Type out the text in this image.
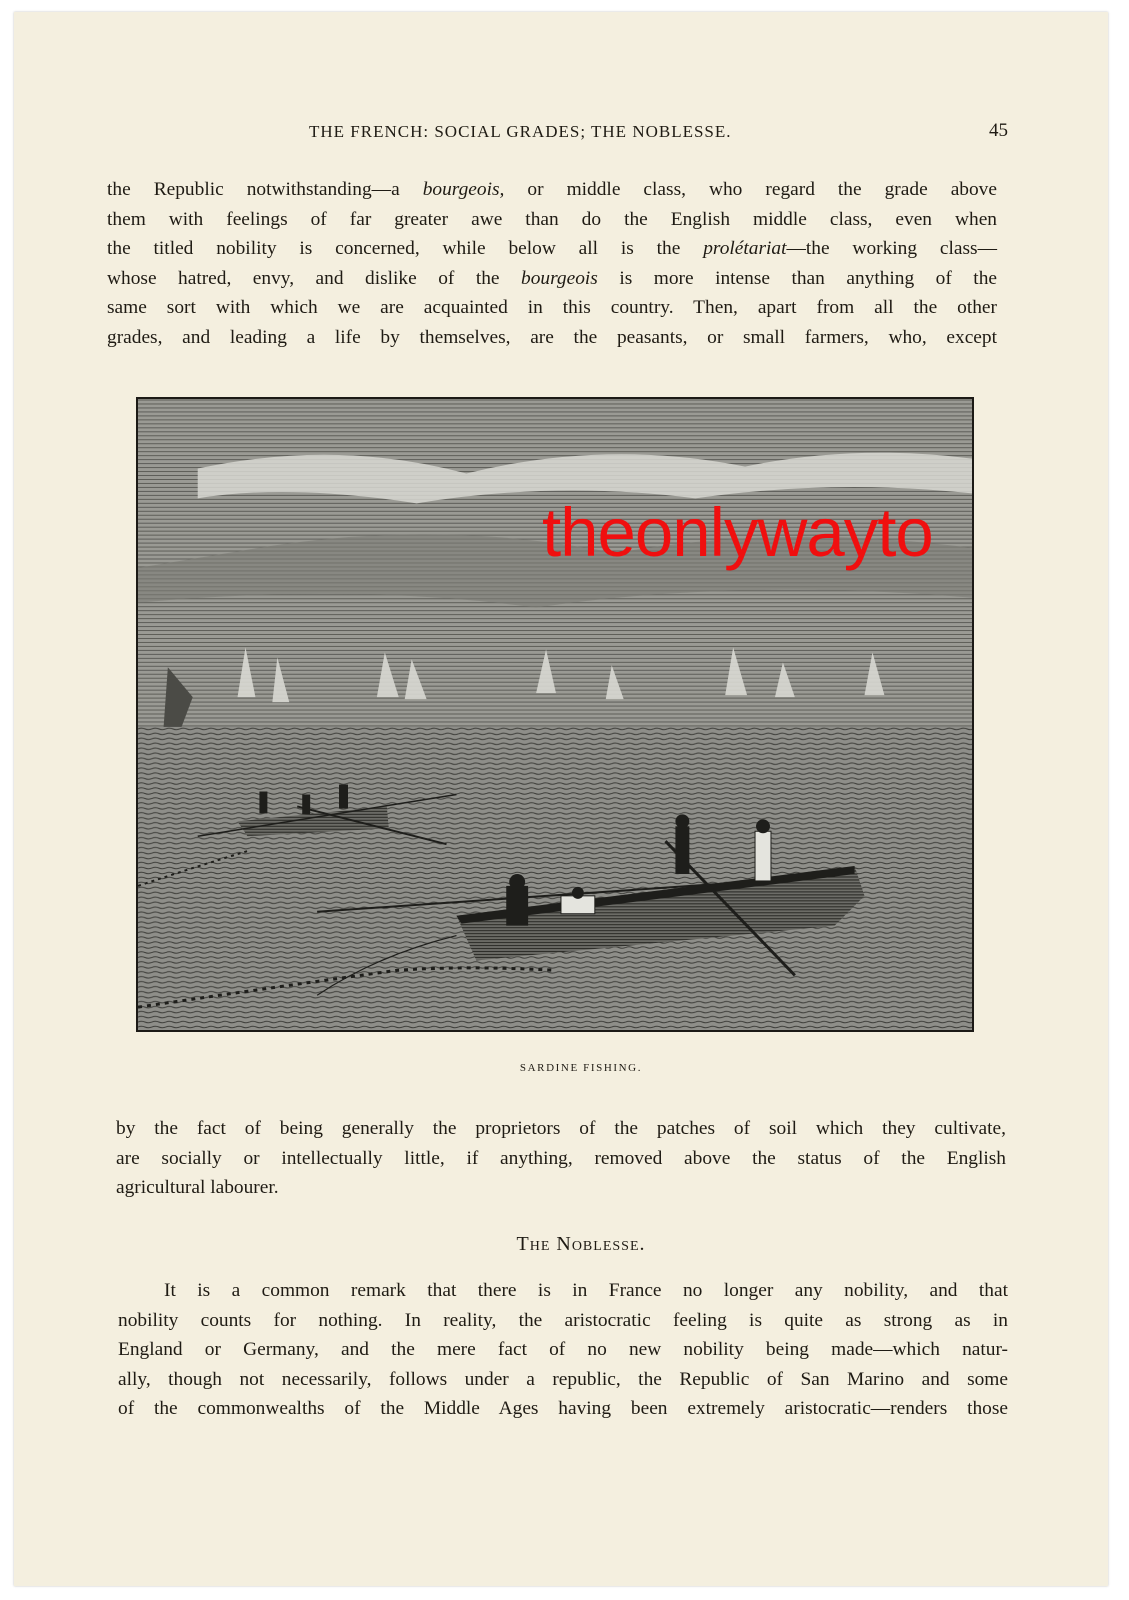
THE FRENCH: SOCIAL GRADES; THE NOBLESSE.	45
the Republic notwithstanding—a bourgeois, or middle class, who regard the grade above
them with feelings of far greater awe than do the English middle class, even when
the titled nobility is concerned, while below all is the prolétariat—the working class—
whose hatred, envy, and dislike of the bourgeois is more intense than anything of the
same sort with which we are acquainted in this country. Then, apart from all the other
grades, and leading a life by themselves, are the peasants, or small farmers, who, except
theonlywayto
SARDINE FISHING.
by the fact of being generally the proprietors of the patches of soil which they cultivate,
are socially or intellectually little, if anything, removed above the status of the English
agricultural labourer.
The Noblesse.
It is a common remark that there is in France no longer any nobility, and that
nobility counts for nothing. In reality, the aristocratic feeling is quite as strong as in
England or Germany, and the mere fact of no new nobility being made—which natur-
ally, though not necessarily, follows under a republic, the Republic of San Marino and some
of the commonwealths of the Middle Ages having been extremely aristocratic—renders those
